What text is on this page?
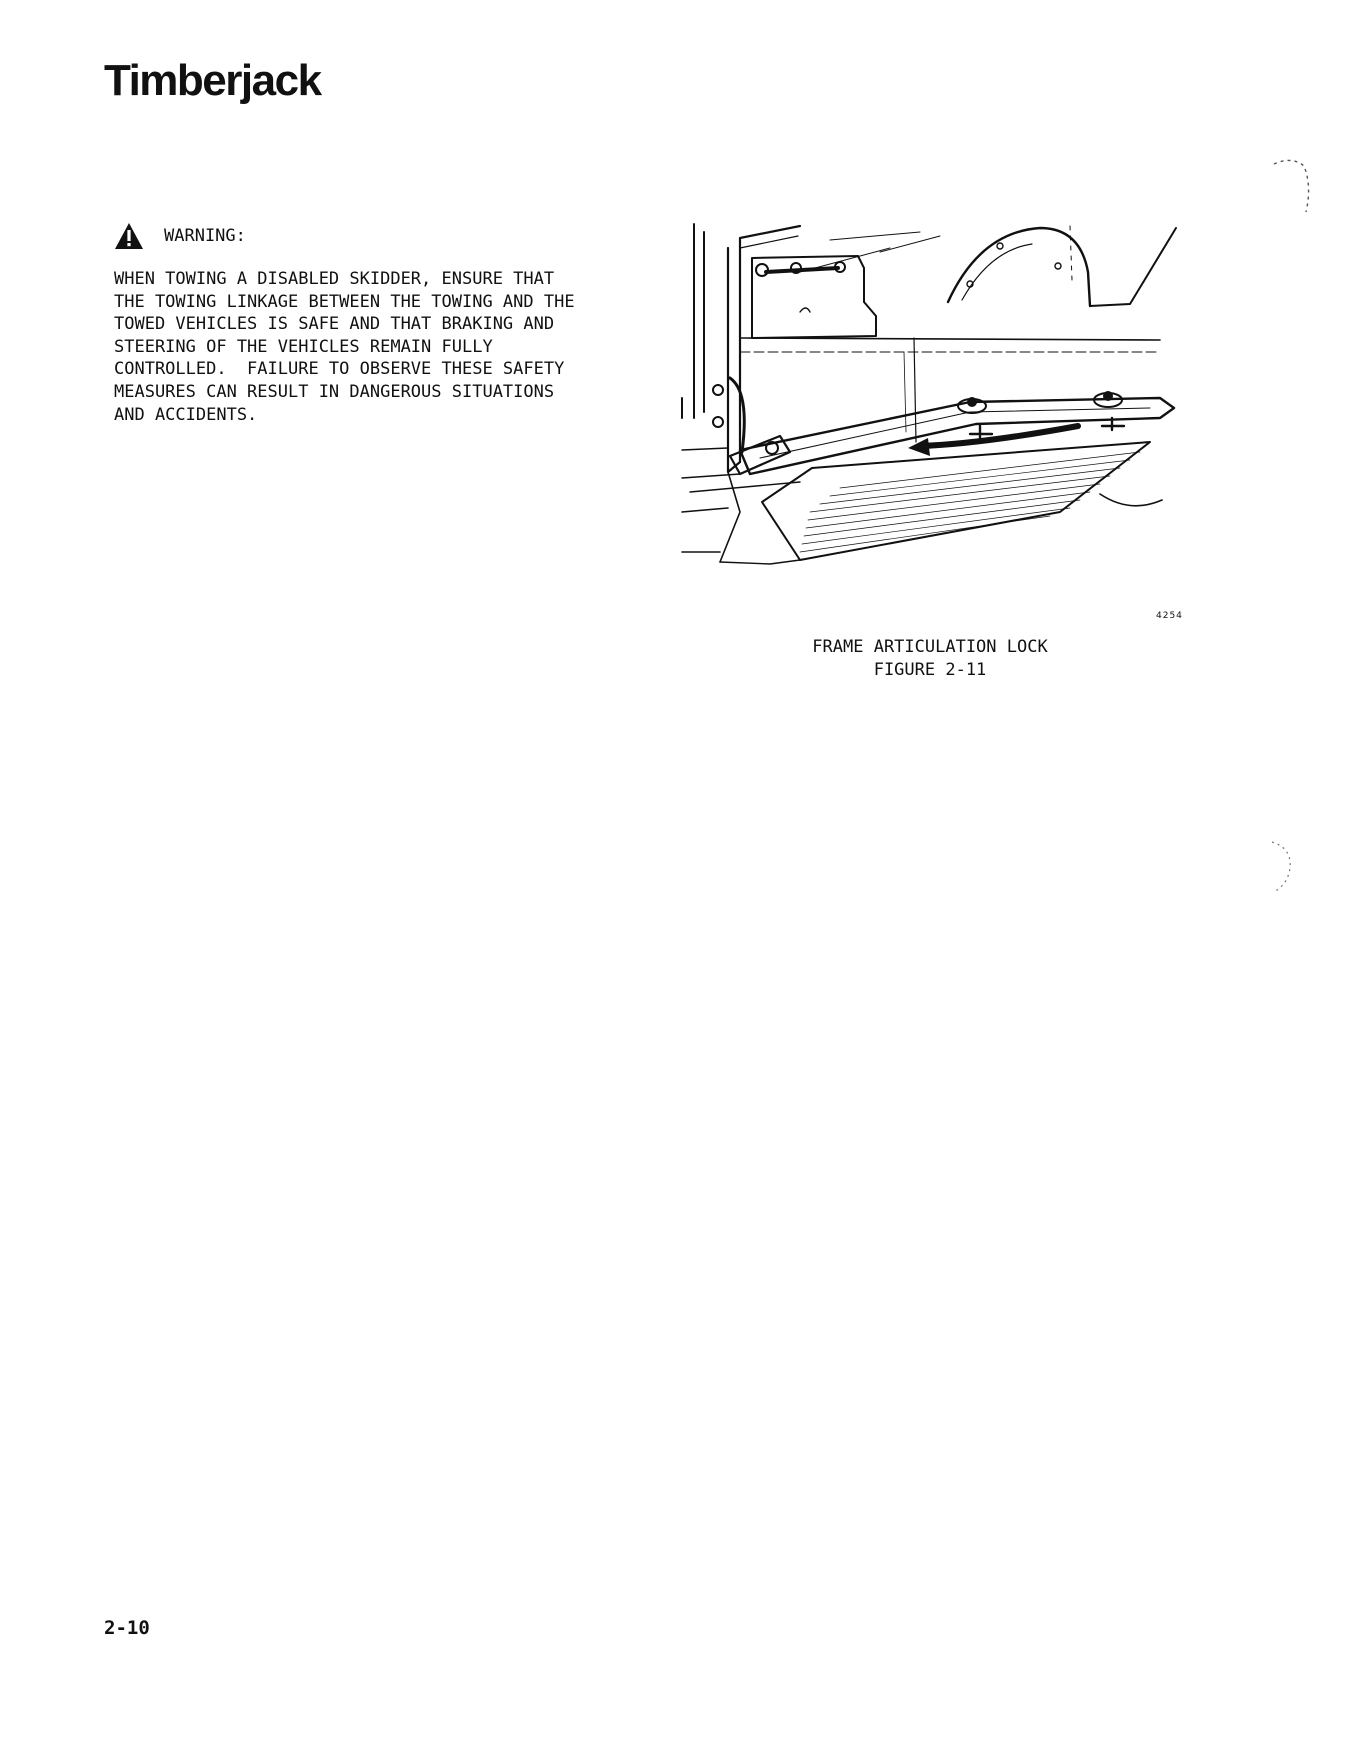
Timberjack
WARNING:

WHEN TOWING A DISABLED SKIDDER, ENSURE THAT
THE TOWING LINKAGE BETWEEN THE TOWING AND THE
TOWED VEHICLES IS SAFE AND THAT BRAKING AND
STEERING OF THE VEHICLES REMAIN FULLY
CONTROLLED.  FAILURE TO OBSERVE THESE SAFETY
MEASURES CAN RESULT IN DANGEROUS SITUATIONS
AND ACCIDENTS.

4254
FRAME ARTICULATION LOCK
FIGURE 2-11
2-10
